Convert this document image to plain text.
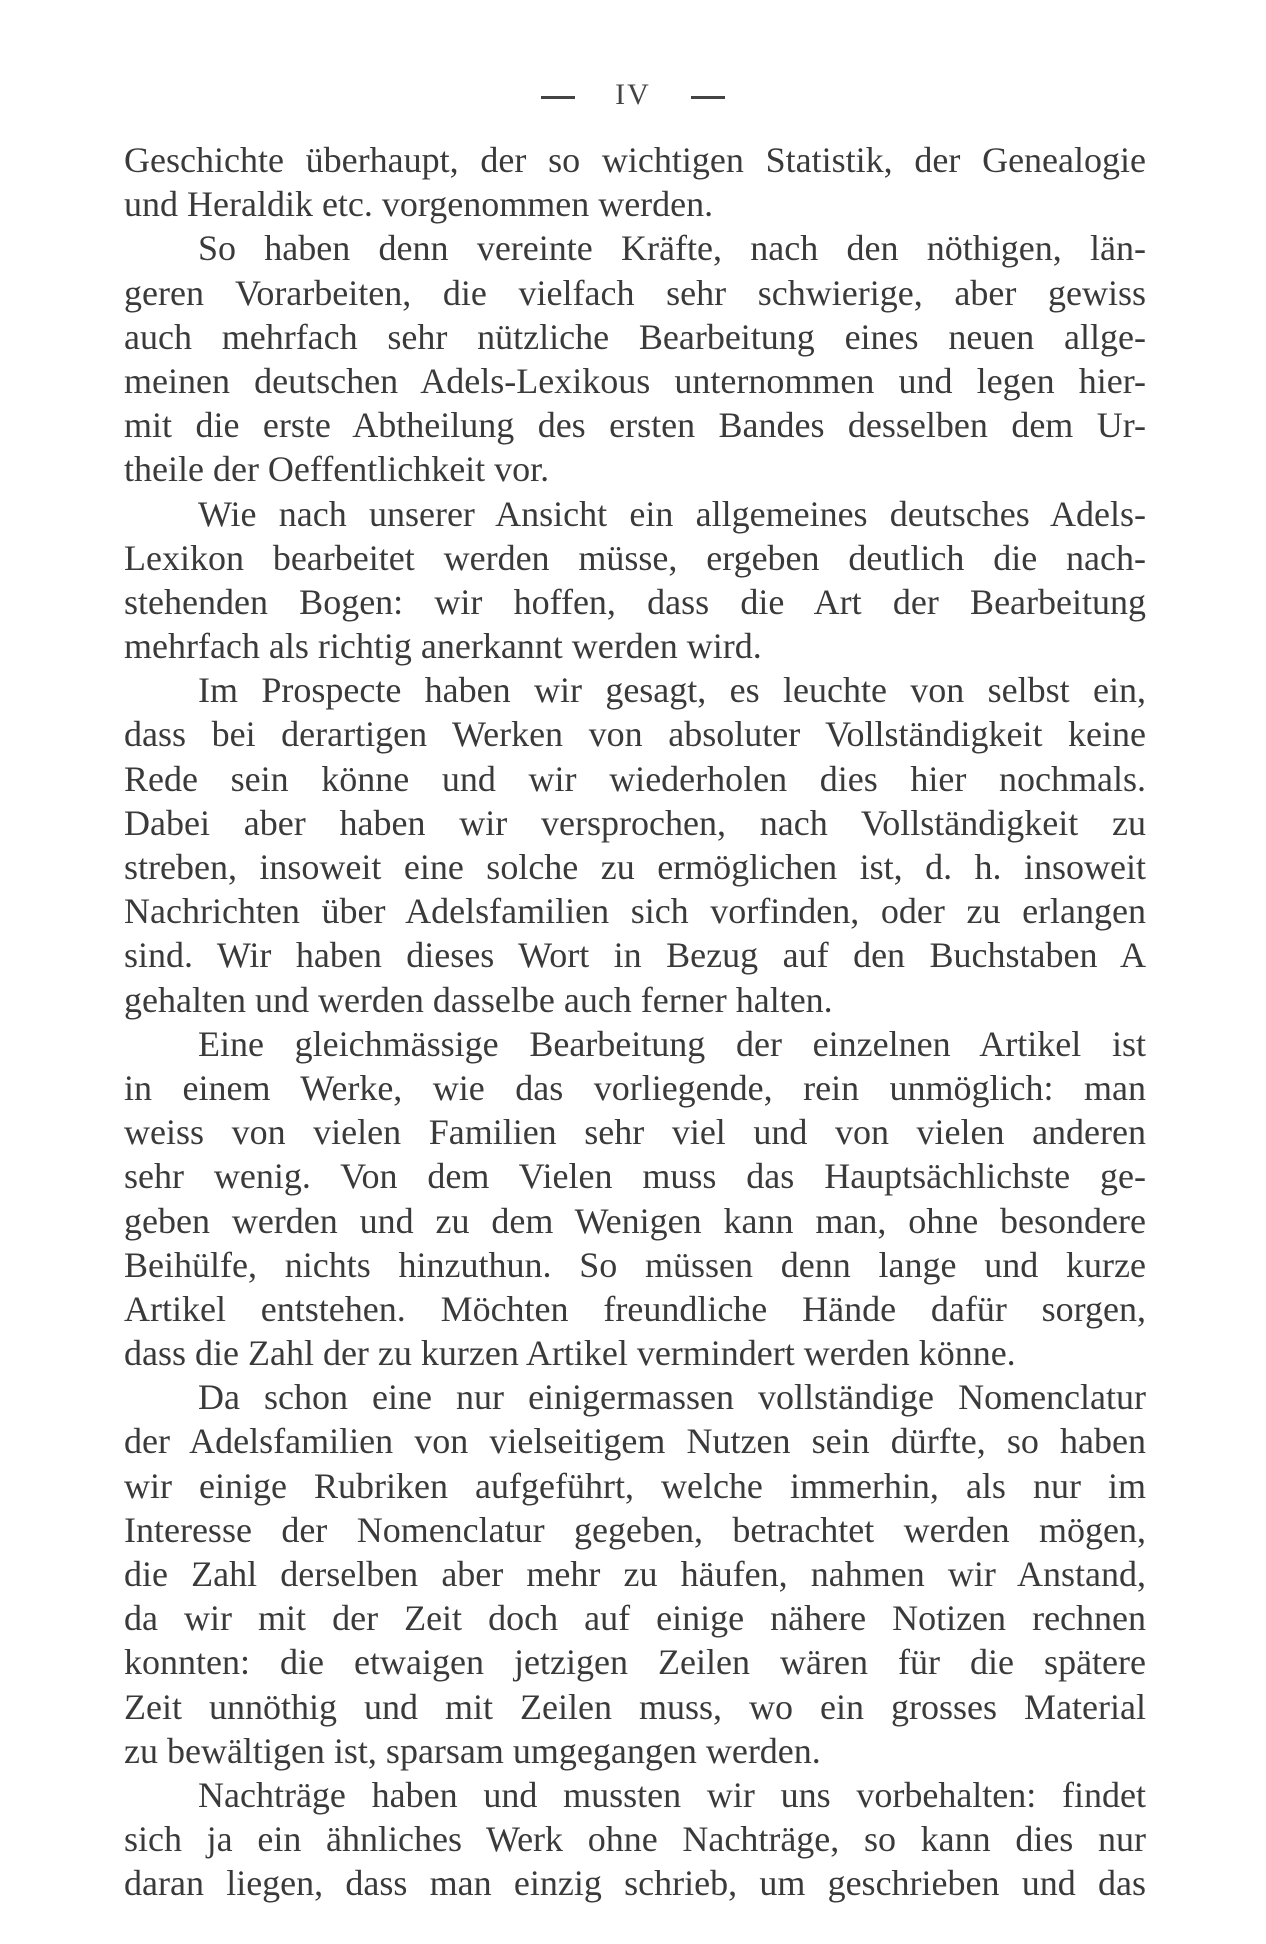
IV
Geschichte überhaupt, der so wichtigen Statistik, der Genealogie
und Heraldik etc. vorgenommen werden.
So haben denn vereinte Kräfte, nach den nöthigen, län-
geren Vorarbeiten, die vielfach sehr schwierige, aber gewiss
auch mehrfach sehr nützliche Bearbeitung eines neuen allge-
meinen deutschen Adels-Lexikous unternommen und legen hier-
mit die erste Abtheilung des ersten Bandes desselben dem Ur-
theile der Oeffentlichkeit vor.
Wie nach unserer Ansicht ein allgemeines deutsches Adels-
Lexikon bearbeitet werden müsse, ergeben deutlich die nach-
stehenden Bogen: wir hoffen, dass die Art der Bearbeitung
mehrfach als richtig anerkannt werden wird.
Im Prospecte haben wir gesagt, es leuchte von selbst ein,
dass bei derartigen Werken von absoluter Vollständigkeit keine
Rede sein könne und wir wiederholen dies hier nochmals.
Dabei aber haben wir versprochen, nach Vollständigkeit zu
streben, insoweit eine solche zu ermöglichen ist, d. h. insoweit
Nachrichten über Adelsfamilien sich vorfinden, oder zu erlangen
sind. Wir haben dieses Wort in Bezug auf den Buchstaben A
gehalten und werden dasselbe auch ferner halten.
Eine gleichmässige Bearbeitung der einzelnen Artikel ist
in einem Werke, wie das vorliegende, rein unmöglich: man
weiss von vielen Familien sehr viel und von vielen anderen
sehr wenig. Von dem Vielen muss das Hauptsächlichste ge-
geben werden und zu dem Wenigen kann man, ohne besondere
Beihülfe, nichts hinzuthun. So müssen denn lange und kurze
Artikel entstehen. Möchten freundliche Hände dafür sorgen,
dass die Zahl der zu kurzen Artikel vermindert werden könne.
Da schon eine nur einigermassen vollständige Nomenclatur
der Adelsfamilien von vielseitigem Nutzen sein dürfte, so haben
wir einige Rubriken aufgeführt, welche immerhin, als nur im
Interesse der Nomenclatur gegeben, betrachtet werden mögen,
die Zahl derselben aber mehr zu häufen, nahmen wir Anstand,
da wir mit der Zeit doch auf einige nähere Notizen rechnen
konnten: die etwaigen jetzigen Zeilen wären für die spätere
Zeit unnöthig und mit Zeilen muss, wo ein grosses Material
zu bewältigen ist, sparsam umgegangen werden.
Nachträge haben und mussten wir uns vorbehalten: findet
sich ja ein ähnliches Werk ohne Nachträge, so kann dies nur
daran liegen, dass man einzig schrieb, um geschrieben und das
